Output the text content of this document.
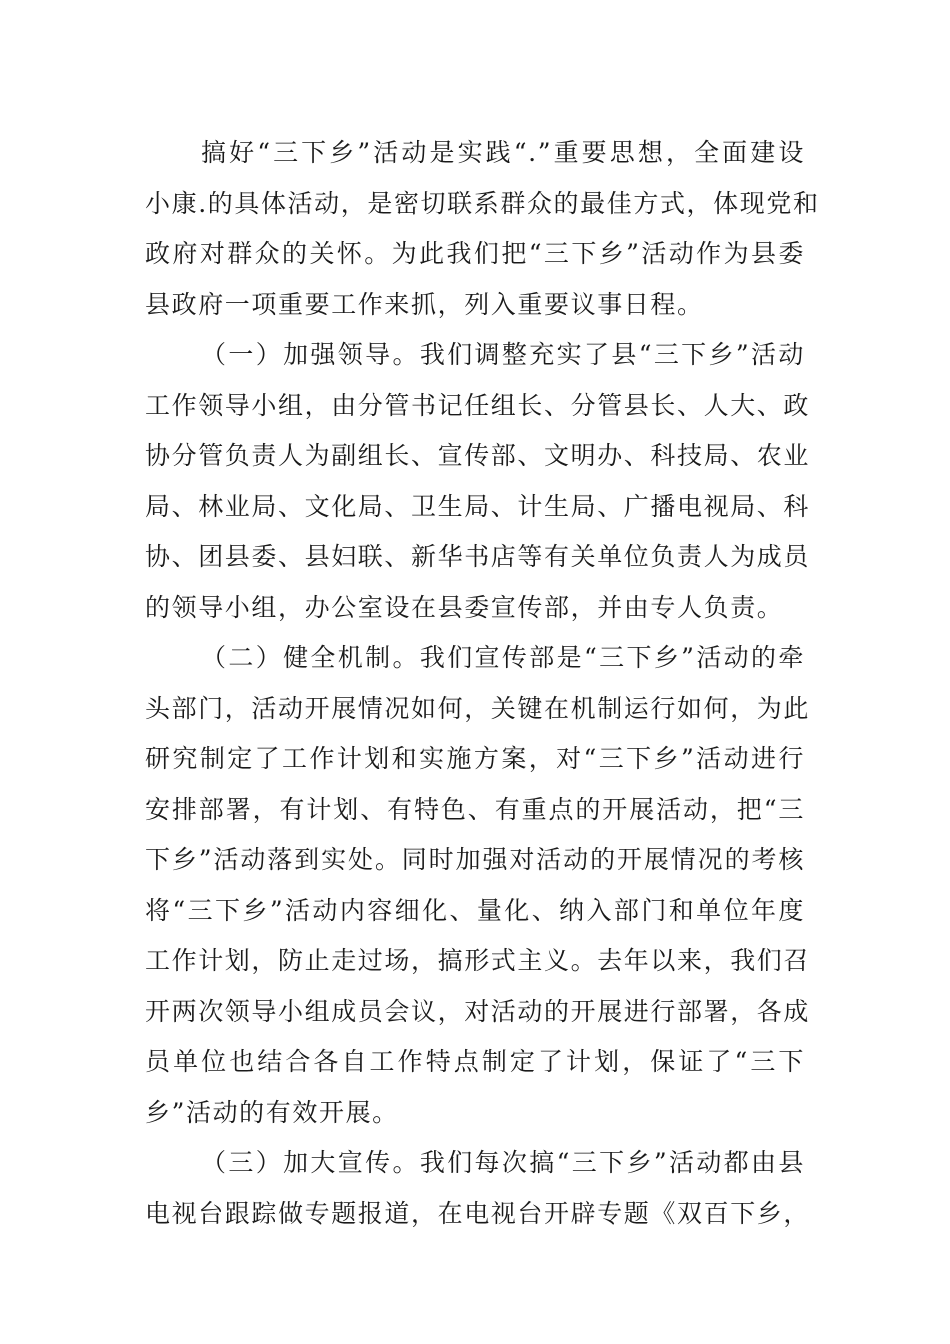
搞好“三下乡”活动是实践“.”重要思想，全面建设
小康.的具体活动，是密切联系群众的最佳方式，体现党和
政府对群众的关怀。为此我们把“三下乡”活动作为县委
县政府一项重要工作来抓，列入重要议事日程。
（一）加强领导。我们调整充实了县“三下乡”活动
工作领导小组，由分管书记任组长、分管县长、人大、政
协分管负责人为副组长、宣传部、文明办、科技局、农业
局、林业局、文化局、卫生局、计生局、广播电视局、科
协、团县委、县妇联、新华书店等有关单位负责人为成员
的领导小组，办公室设在县委宣传部，并由专人负责。
（二）健全机制。我们宣传部是“三下乡”活动的牵
头部门，活动开展情况如何，关键在机制运行如何，为此
研究制定了工作计划和实施方案，对“三下乡”活动进行
安排部署，有计划、有特色、有重点的开展活动，把“三
下乡”活动落到实处。同时加强对活动的开展情况的考核
将“三下乡”活动内容细化、量化、纳入部门和单位年度
工作计划，防止走过场，搞形式主义。去年以来，我们召
开两次领导小组成员会议，对活动的开展进行部署，各成
员单位也结合各自工作特点制定了计划，保证了“三下
乡”活动的有效开展。
（三）加大宣传。我们每次搞“三下乡”活动都由县
电视台跟踪做专题报道，在电视台开辟专题《双百下乡，
